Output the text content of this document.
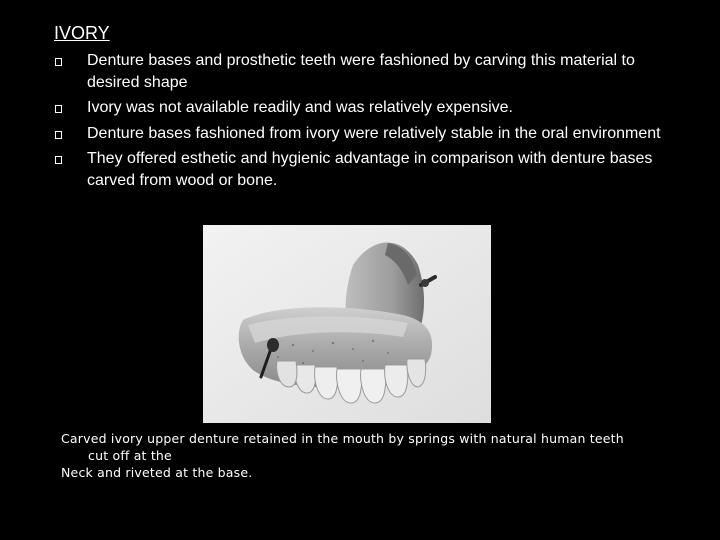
IVORY
Denture bases and prosthetic teeth were fashioned by carving this material to desired shape
Ivory was not available readily and was relatively expensive.
Denture bases fashioned from ivory were relatively stable in the oral environment
They offered esthetic and hygienic advantage in comparison with denture bases carved from wood or bone.
Carved ivory upper denture retained in the mouth by springs with natural human teeth
cut off at the
Neck and riveted at the base.
